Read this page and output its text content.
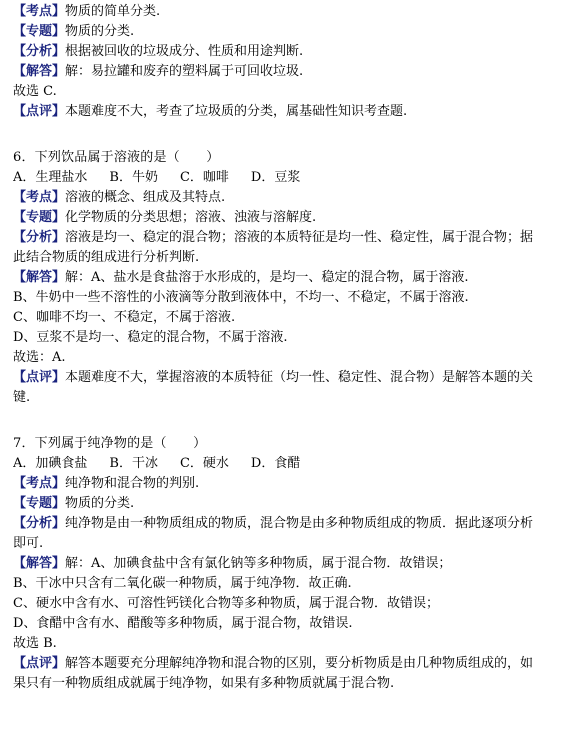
【考点】物质的简单分类.
【专题】物质的分类.
【分析】根据被回收的垃圾成分、性质和用途判断.
【解答】解：易拉罐和废弃的塑料属于可回收垃圾.
故选 C.
【点评】本题难度不大，考查了垃圾质的分类，属基础性知识考查题.
6．下列饮品属于溶液的是（　　）
A．生理盐水 B．牛奶 C．咖啡 D．豆浆
【考点】溶液的概念、组成及其特点.
【专题】化学物质的分类思想；溶液、浊液与溶解度.
【分析】溶液是均一、稳定的混合物；溶液的本质特征是均一性、稳定性，属于混合物；据
此结合物质的组成进行分析判断.
【解答】解：A、盐水是食盐溶于水形成的，是均一、稳定的混合物，属于溶液.
B、牛奶中一些不溶性的小液滴等分散到液体中，不均一、不稳定，不属于溶液.
C、咖啡不均一、不稳定，不属于溶液.
D、豆浆不是均一、稳定的混合物，不属于溶液.
故选：A.
【点评】本题难度不大，掌握溶液的本质特征（均一性、稳定性、混合物）是解答本题的关
键.
7．下列属于纯净物的是（　　）
A．加碘食盐 B．干冰 C．硬水 D．食醋
【考点】纯净物和混合物的判别.
【专题】物质的分类.
【分析】纯净物是由一种物质组成的物质，混合物是由多种物质组成的物质．据此逐项分析
即可.
【解答】解：A、加碘食盐中含有氯化钠等多种物质，属于混合物．故错误；
B、干冰中只含有二氧化碳一种物质，属于纯净物．故正确.
C、硬水中含有水、可溶性钙镁化合物等多种物质，属于混合物．故错误；
D、食醋中含有水、醋酸等多种物质，属于混合物，故错误.
故选 B.
【点评】解答本题要充分理解纯净物和混合物的区别，要分析物质是由几种物质组成的，如
果只有一种物质组成就属于纯净物，如果有多种物质就属于混合物.
